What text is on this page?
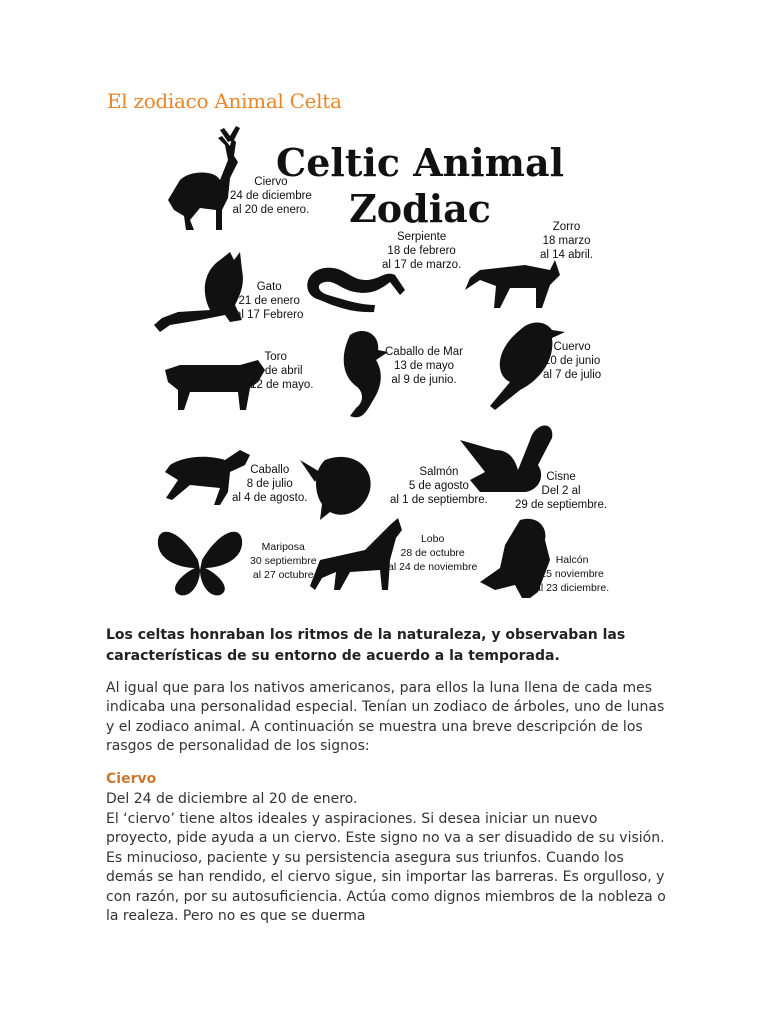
El zodiaco Animal Celta
Celtic Animal
Zodiac
Ciervo
24 de diciembre
al 20 de enero.
Serpiente
18 de febrero
al 17 de marzo.
Zorro
18 marzo
al 14 abril.
Gato
21 de enero
al 17 Febrero
Toro
15 de abril
al 12 de mayo.
Caballo de Mar
13 de mayo
al 9 de junio.
Cuervo
10 de junio
al 7 de julio
Caballo
8 de julio
al 4 de agosto.
Salmón
5 de agosto
al 1 de septiembre.
Cisne
Del 2 al
29 de septiembre.
Mariposa
30 septiembre
al 27 octubre
Lobo
28 de octubre
al 24 de noviembre
Halcón
25 noviembre
al 23 diciembre.
Los celtas honraban los ritmos de la naturaleza, y observaban las características de su entorno de acuerdo a la temporada.
Al igual que para los nativos americanos, para ellos la luna llena de cada mes indicaba una personalidad especial. Tenían un zodiaco de árboles, uno de lunas y el zodiaco animal. A continuación se muestra una breve descripción de los rasgos de personalidad de los signos:
Ciervo
Del 24 de diciembre al 20 de enero.
El ‘ciervo’ tiene altos ideales y aspiraciones. Si desea iniciar un nuevo proyecto, pide ayuda a un ciervo. Este signo no va a ser disuadido de su visión. Es minucioso, paciente y su persistencia asegura sus triunfos. Cuando los demás se han rendido, el ciervo sigue, sin importar las barreras. Es orgulloso, y con razón, por su autosuficiencia. Actúa como dignos miembros de la nobleza o la realeza. Pero no es que se duerma
